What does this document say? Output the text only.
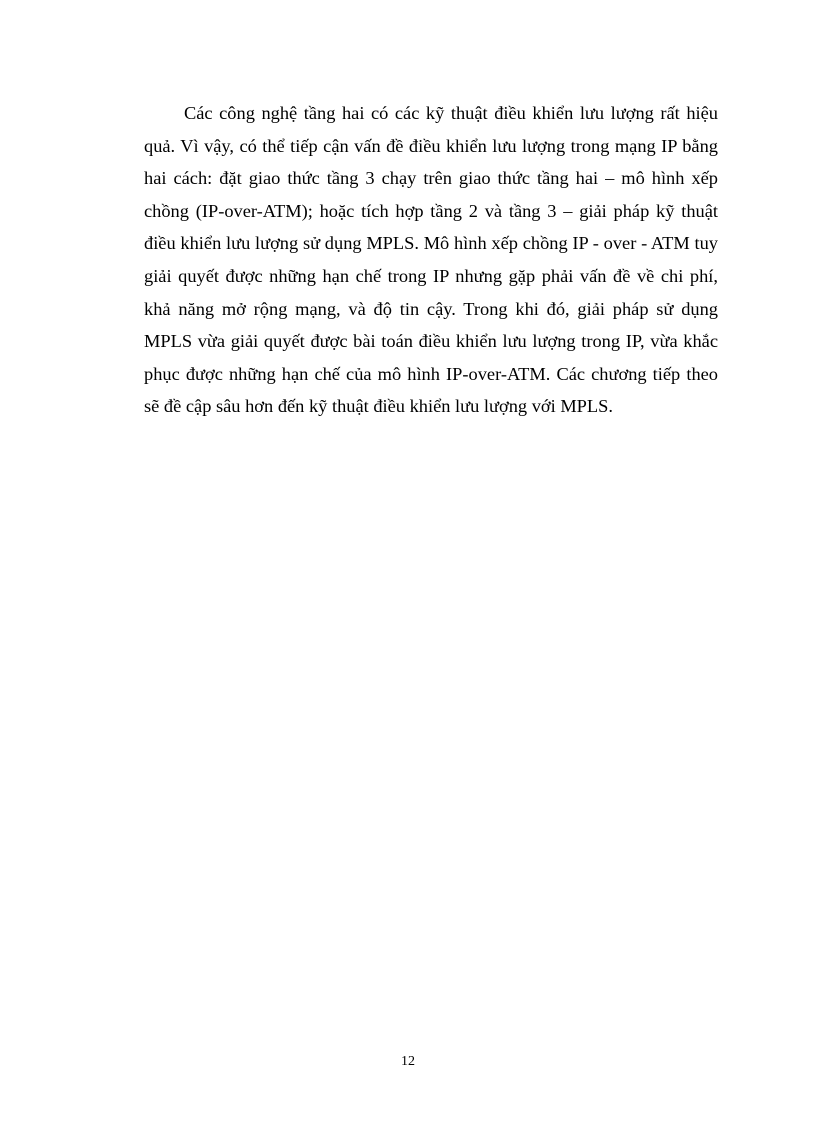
Các công nghệ tầng hai có các kỹ thuật điều khiển lưu lượng rất hiệu quả. Vì vậy, có thể tiếp cận vấn đề điều khiển lưu lượng trong mạng IP bằng hai cách: đặt giao thức tầng 3 chạy trên giao thức tầng hai – mô hình xếp chồng (IP-over-ATM); hoặc tích hợp tầng 2 và tầng 3 – giải pháp kỹ thuật điều khiển lưu lượng sử dụng MPLS. Mô hình xếp chồng IP - over - ATM tuy giải quyết được những hạn chế trong IP nhưng gặp phải vấn đề về chi phí, khả năng mở rộng mạng, và độ tin cậy. Trong khi đó, giải pháp sử dụng MPLS vừa giải quyết được bài toán điều khiển lưu lượng trong IP, vừa khắc phục được những hạn chế của mô hình IP-over-ATM. Các chương tiếp theo sẽ đề cập sâu hơn đến kỹ thuật điều khiển lưu lượng với MPLS.

12
